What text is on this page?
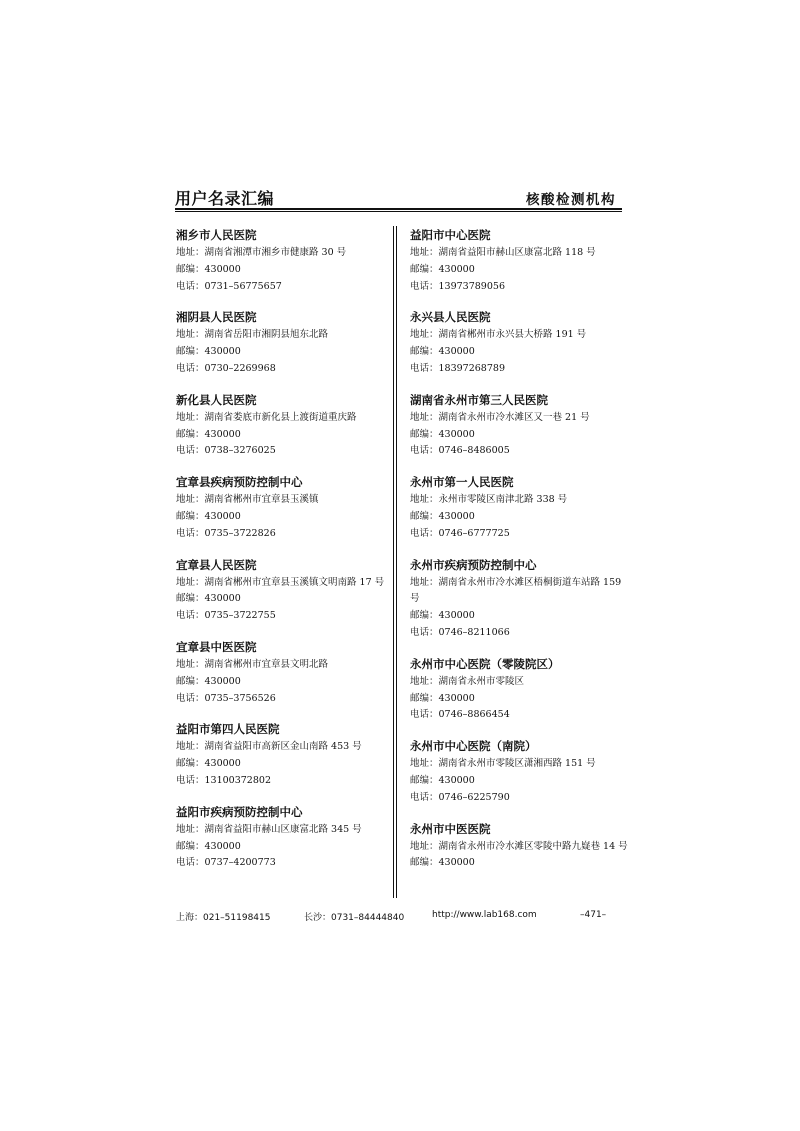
用户名录汇编	核酸检测机构
湘乡市人民医院
地址：湖南省湘潭市湘乡市健康路 30 号
邮编：430000
电话：0731–56775657
湘阴县人民医院
地址：湖南省岳阳市湘阴县旭东北路
邮编：430000
电话：0730–2269968
新化县人民医院
地址：湖南省娄底市新化县上渡街道重庆路
邮编：430000
电话：0738–3276025
宜章县疾病预防控制中心
地址：湖南省郴州市宜章县玉溪镇
邮编：430000
电话：0735–3722826
宜章县人民医院
地址：湖南省郴州市宜章县玉溪镇文明南路 17 号
邮编：430000
电话：0735–3722755
宜章县中医医院
地址：湖南省郴州市宜章县文明北路
邮编：430000
电话：0735–3756526
益阳市第四人民医院
地址：湖南省益阳市高新区金山南路 453 号
邮编：430000
电话：13100372802
益阳市疾病预防控制中心
地址：湖南省益阳市赫山区康富北路 345 号
邮编：430000
电话：0737–4200773
益阳市中心医院
地址：湖南省益阳市赫山区康富北路 118 号
邮编：430000
电话：13973789056
永兴县人民医院
地址：湖南省郴州市永兴县大桥路 191 号
邮编：430000
电话：18397268789
湖南省永州市第三人民医院
地址：湖南省永州市冷水滩区又一巷 21 号
邮编：430000
电话：0746–8486005
永州市第一人民医院
地址：永州市零陵区南津北路 338 号
邮编：430000
电话：0746–6777725
永州市疾病预防控制中心
地址：湖南省永州市冷水滩区梧桐街道车站路 159 号
邮编：430000
电话：0746–8211066
永州市中心医院（零陵院区）
地址：湖南省永州市零陵区
邮编：430000
电话：0746–8866454
永州市中心医院（南院）
地址：湖南省永州市零陵区潇湘西路 151 号
邮编：430000
电话：0746–6225790
永州市中医医院
地址：湖南省永州市冷水滩区零陵中路九嶷巷 14 号
邮编：430000
上海：021–51198415	长沙：0731–84444840	http://www.lab168.com	–471–
